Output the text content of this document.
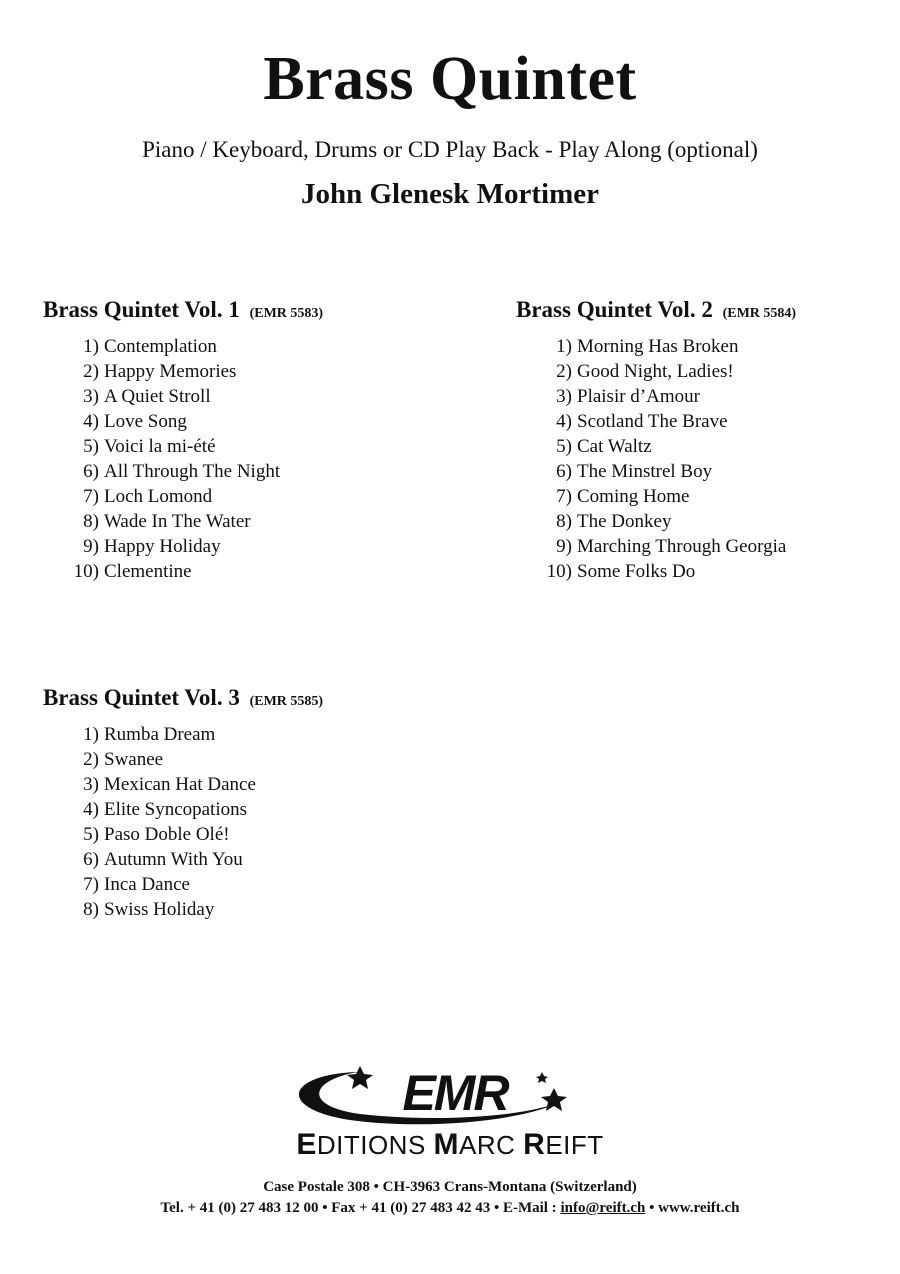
Brass Quintet
Piano / Keyboard, Drums or CD Play Back - Play Along (optional)
John Glenesk Mortimer
Brass Quintet Vol. 1 (EMR 5583)
1) Contemplation
2) Happy Memories
3) A Quiet Stroll
4) Love Song
5) Voici la mi-été
6) All Through The Night
7) Loch Lomond
8) Wade In The Water
9) Happy Holiday
10) Clementine
Brass Quintet Vol. 2 (EMR 5584)
1) Morning Has Broken
2) Good Night, Ladies!
3) Plaisir d’Amour
4) Scotland The Brave
5) Cat Waltz
6) The Minstrel Boy
7) Coming Home
8) The Donkey
9) Marching Through Georgia
10) Some Folks Do
Brass Quintet Vol. 3 (EMR 5585)
1) Rumba Dream
2) Swanee
3) Mexican Hat Dance
4) Elite Syncopations
5) Paso Doble Olé!
6) Autumn With You
7) Inca Dance
8) Swiss Holiday
EMR
EDITIONS MARC REIFT
Case Postale 308 • CH-3963 Crans-Montana (Switzerland)
Tel. + 41 (0) 27 483 12 00 • Fax + 41 (0) 27 483 42 43 • E-Mail : info@reift.ch • www.reift.ch
